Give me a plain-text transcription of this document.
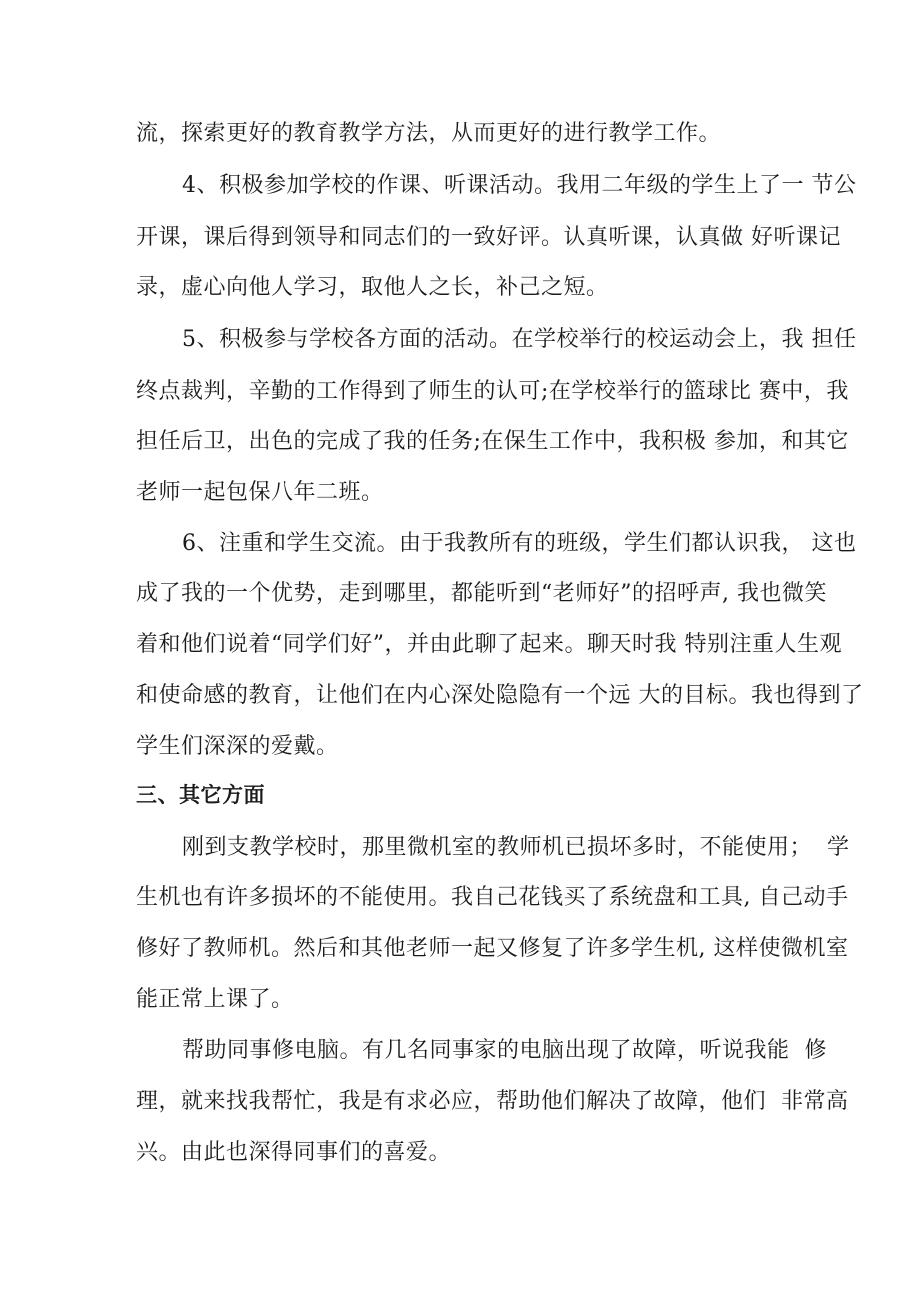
流，探索更好的教育教学方法，从而更好的进行教学工作。
4、积极参加学校的作课、听课活动。我用二年级的学生上了一 节公
开课，课后得到领导和同志们的一致好评。认真听课，认真做 好听课记
录，虚心向他人学习，取他人之长，补己之短。
5、积极参与学校各方面的活动。在学校举行的校运动会上，我 担任
终点裁判，辛勤的工作得到了师生的认可;在学校举行的篮球比 赛中，我
担任后卫，出色的完成了我的任务;在保生工作中，我积极 参加，和其它
老师一起包保八年二班。
6、注重和学生交流。由于我教所有的班级，学生们都认识我， 这也
成了我的一个优势，走到哪里，都能听到“老师好”的招呼声, 我也微笑
着和他们说着“同学们好”，并由此聊了起来。聊天时我 特别注重人生观
和使命感的教育，让他们在内心深处隐隐有一个远 大的目标。我也得到了
学生们深深的爱戴。
三、其它方面
刚到支教学校时，那里微机室的教师机已损坏多时，不能使用；  学
生机也有许多损坏的不能使用。我自己花钱买了系统盘和工具, 自己动手
修好了教师机。然后和其他老师一起又修复了许多学生机, 这样使微机室
能正常上课了。
帮助同事修电脑。有几名同事家的电脑出现了故障，听说我能  修
理，就来找我帮忙，我是有求必应，帮助他们解决了故障，他们  非常高
兴。由此也深得同事们的喜爱。
